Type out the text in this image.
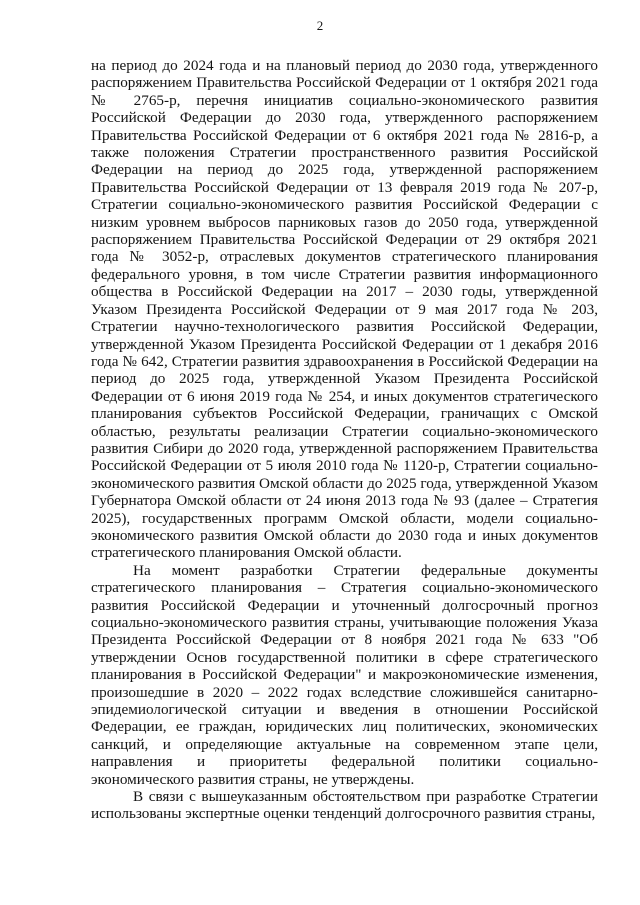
2

на период до 2024 года и на плановый период до 2030 года, утвержденного распоряжением Правительства Российской Федерации от 1 октября 2021 года № 2765-р, перечня инициатив социально-экономического развития Российской Федерации до 2030 года, утвержденного распоряжением Правительства Российской Федерации от 6 октября 2021 года № 2816-р, а также положения Стратегии пространственного развития Российской Федерации на период до 2025 года, утвержденной распоряжением Правительства Российской Федерации от 13 февраля 2019 года № 207-р, Стратегии социально-экономического развития Российской Федерации с низким уровнем выбросов парниковых газов до 2050 года, утвержденной распоряжением Правительства Российской Федерации от 29 октября 2021 года № 3052-р, отраслевых документов стратегического планирования федерального уровня, в том числе Стратегии развития информационного общества в Российской Федерации на 2017 – 2030 годы, утвержденной Указом Президента Российской Федерации от 9 мая 2017 года № 203, Стратегии научно-технологического развития Российской Федерации, утвержденной Указом Президента Российской Федерации от 1 декабря 2016 года № 642, Стратегии развития здравоохранения в Российской Федерации на период до 2025 года, утвержденной Указом Президента Российской Федерации от 6 июня 2019 года № 254, и иных документов стратегического планирования субъектов Российской Федерации, граничащих с Омской областью, результаты реализации Стратегии социально-экономического развития Сибири до 2020 года, утвержденной распоряжением Правительства Российской Федерации от 5 июля 2010 года № 1120-р, Стратегии социально-экономического развития Омской области до 2025 года, утвержденной Указом Губернатора Омской области от 24 июня 2013 года № 93 (далее – Стратегия 2025), государственных программ Омской области, модели социально-экономического развития Омской области до 2030 года и иных документов стратегического планирования Омской области.

На момент разработки Стратегии федеральные документы стратегического планирования – Стратегия социально-экономического развития Российской Федерации и уточненный долгосрочный прогноз социально-экономического развития страны, учитывающие положения Указа Президента Российской Федерации от 8 ноября 2021 года № 633 "Об утверждении Основ государственной политики в сфере стратегического планирования в Российской Федерации" и макроэкономические изменения, произошедшие в 2020 – 2022 годах вследствие сложившейся санитарно-эпидемиологической ситуации и введения в отношении Российской Федерации, ее граждан, юридических лиц политических, экономических санкций, и определяющие актуальные на современном этапе цели, направления и приоритеты федеральной политики социально-экономического развития страны, не утверждены.

В связи с вышеуказанным обстоятельством при разработке Стратегии использованы экспертные оценки тенденций долгосрочного развития страны,
